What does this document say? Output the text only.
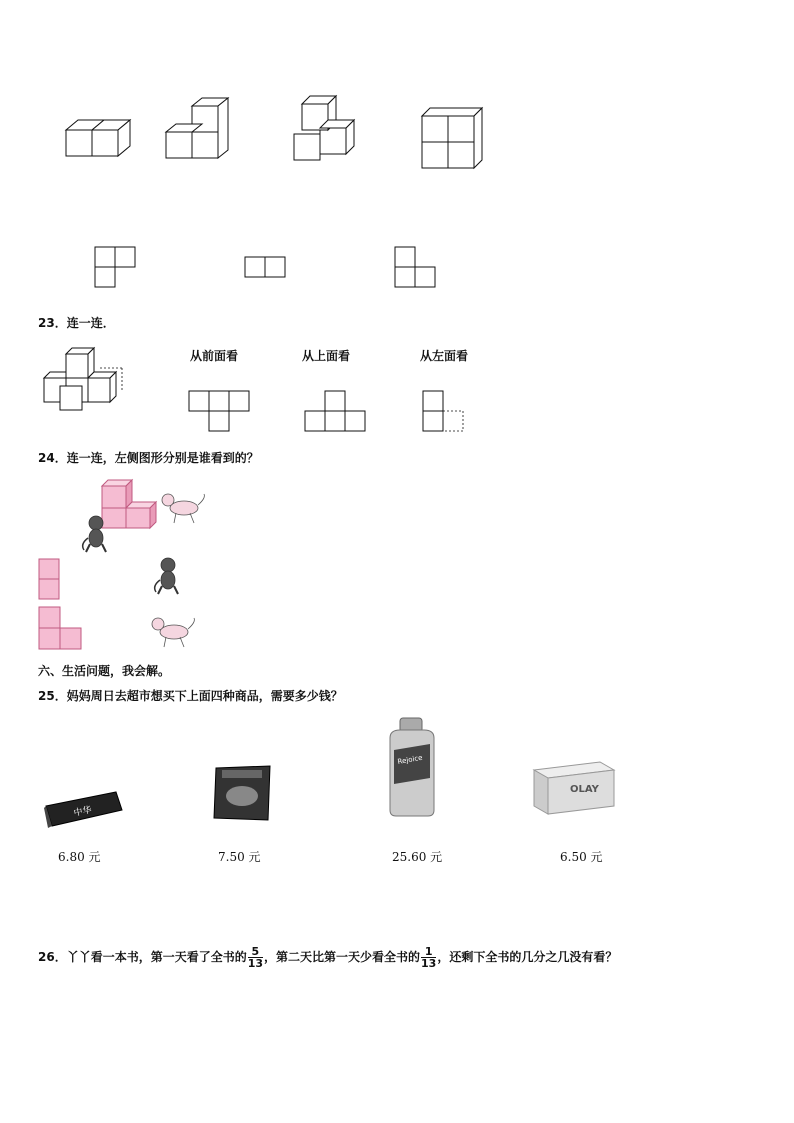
23．连一连．
从前面看	从上面看	从左面看
24．连一连，左侧图形分别是谁看到的？
六、生活问题，我会解。
25．妈妈周日去超市想买下上面四种商品，需要多少钱？
中华
Rejoice
OLAY
6.80 元	7.50 元	25.60 元	6.50 元
26．丫丫看一本书，第一天看了全书的 $\frac{5}{13}$ ，第二天比第一天少看全书的 $\frac{1}{13}$ ，还剩下全书的几分之几没有看？
